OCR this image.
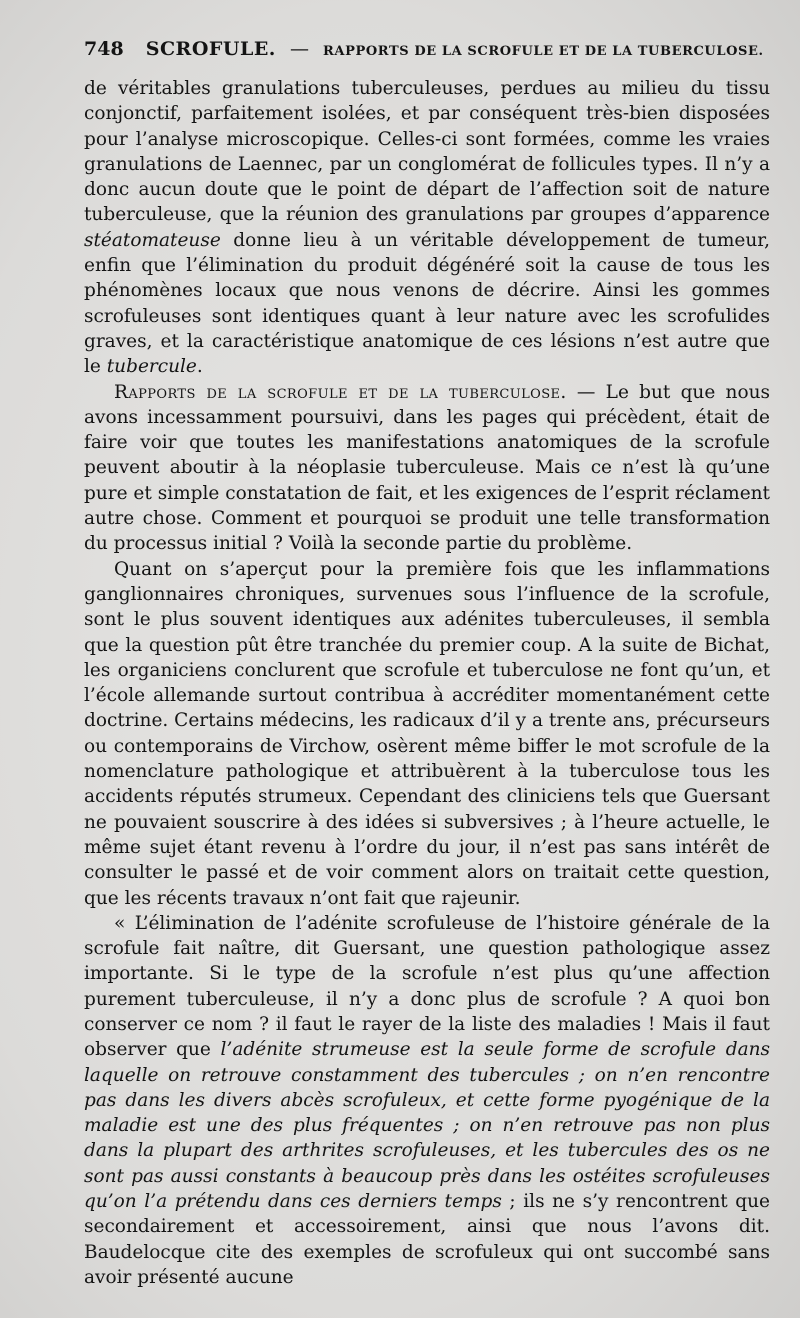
748 SCROFULE. — RAPPORTS DE LA SCROFULE ET DE LA TUBERCULOSE.

de véritables granulations tuberculeuses, perdues au milieu du tissu conjonctif, parfaitement isolées, et par conséquent très-bien disposées pour l’analyse microscopique. Celles-ci sont formées, comme les vraies granulations de Laennec, par un conglomérat de follicules types. Il n’y a donc aucun doute que le point de départ de l’affection soit de nature tuberculeuse, que la réunion des granulations par groupes d’apparence stéatomateuse donne lieu à un véritable développement de tumeur, enfin que l’élimination du produit dégénéré soit la cause de tous les phénomènes locaux que nous venons de décrire. Ainsi les gommes scrofuleuses sont identiques quant à leur nature avec les scrofulides graves, et la caractéristique anatomique de ces lésions n’est autre que le tubercule.

Rapports de la scrofule et de la tuberculose. — Le but que nous avons incessamment poursuivi, dans les pages qui précèdent, était de faire voir que toutes les manifestations anatomiques de la scrofule peuvent aboutir à la néoplasie tuberculeuse. Mais ce n’est là qu’une pure et simple constatation de fait, et les exigences de l’esprit réclament autre chose. Comment et pourquoi se produit une telle transformation du processus initial ? Voilà la seconde partie du problème.

Quant on s’aperçut pour la première fois que les inflammations ganglionnaires chroniques, survenues sous l’influence de la scrofule, sont le plus souvent identiques aux adénites tuberculeuses, il sembla que la question pût être tranchée du premier coup. A la suite de Bichat, les organiciens conclurent que scrofule et tuberculose ne font qu’un, et l’école allemande surtout contribua à accréditer momentanément cette doctrine. Certains médecins, les radicaux d’il y a trente ans, précurseurs ou contemporains de Virchow, osèrent même biffer le mot scrofule de la nomenclature pathologique et attribuèrent à la tuberculose tous les accidents réputés strumeux. Cependant des cliniciens tels que Guersant ne pouvaient souscrire à des idées si subversives ; à l’heure actuelle, le même sujet étant revenu à l’ordre du jour, il n’est pas sans intérêt de consulter le passé et de voir comment alors on traitait cette question, que les récents travaux n’ont fait que rajeunir.

« L’élimination de l’adénite scrofuleuse de l’histoire générale de la scrofule fait naître, dit Guersant, une question pathologique assez importante. Si le type de la scrofule n’est plus qu’une affection purement tuberculeuse, il n’y a donc plus de scrofule ? A quoi bon conserver ce nom ? il faut le rayer de la liste des maladies ! Mais il faut observer que l’adénite strumeuse est la seule forme de scrofule dans laquelle on retrouve constamment des tubercules ; on n’en rencontre pas dans les divers abcès scrofuleux, et cette forme pyogénique de la maladie est une des plus fréquentes ; on n’en retrouve pas non plus dans la plupart des arthrites scrofuleuses, et les tubercules des os ne sont pas aussi constants à beaucoup près dans les ostéites scrofuleuses qu’on l’a prétendu dans ces derniers temps ; ils ne s’y rencontrent que secondairement et accessoirement, ainsi que nous l’avons dit. Baudelocque cite des exemples de scrofuleux qui ont succombé sans avoir présenté aucune
